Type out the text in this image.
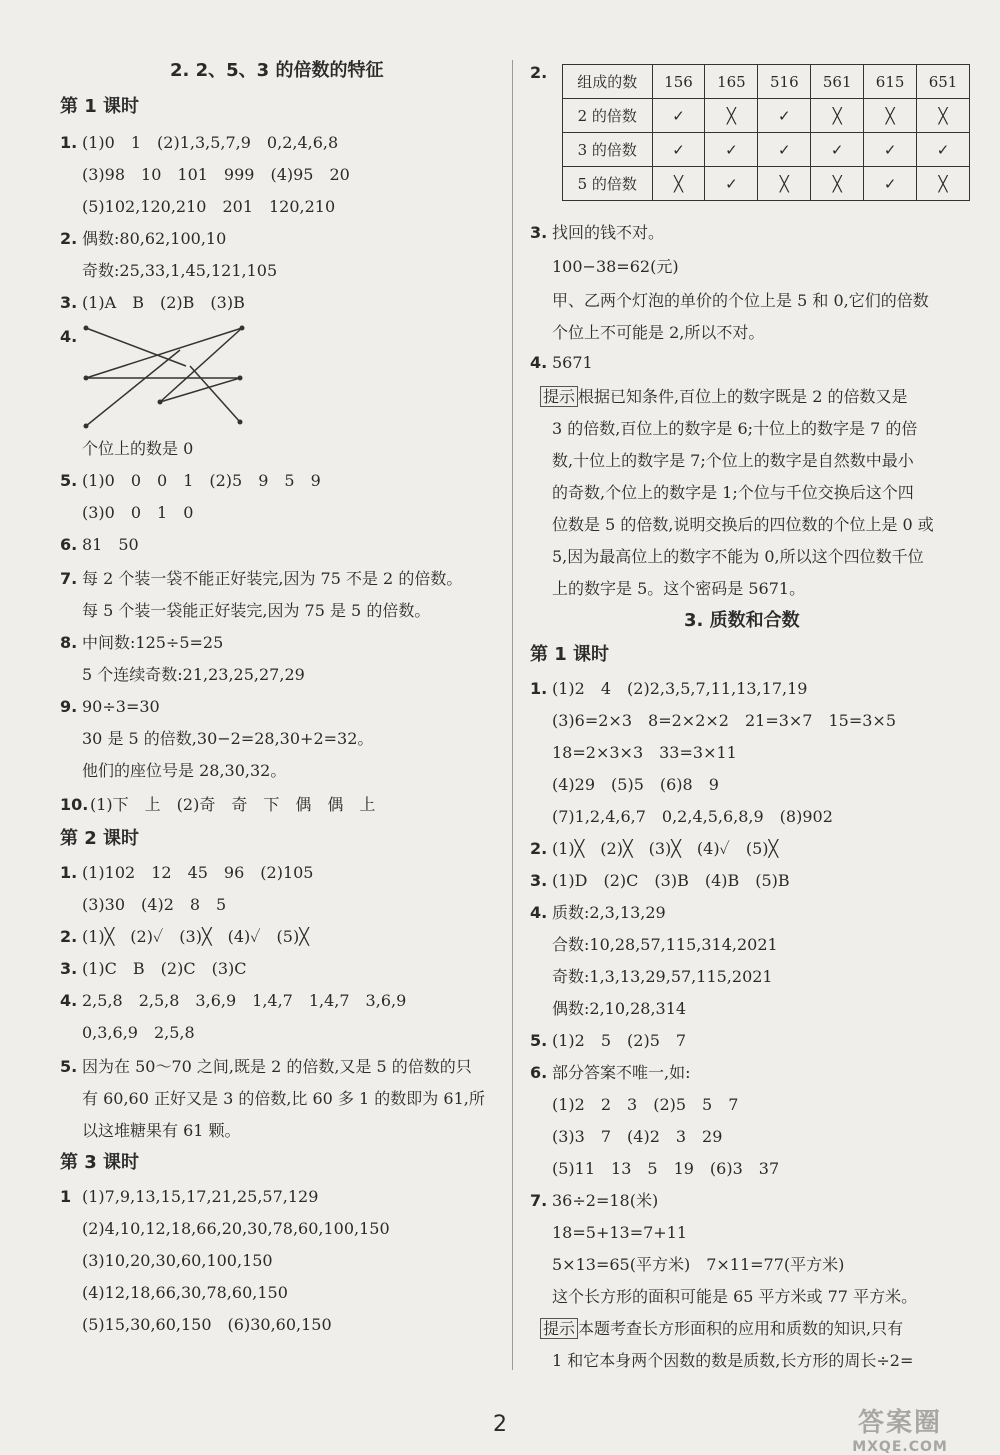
2. 2、5、3 的倍数的特征
第 1 课时
1. (1)0　1　(2)1,3,5,7,9　0,2,4,6,8
(3)98　10　101　999　(4)95　20
(5)102,120,210　201　120,210
2. 偶数:80,62,100,10
奇数:25,33,1,45,121,105
3. (1)A　B　(2)B　(3)B
4.
个位上的数是 0
5. (1)0　0　0　1　(2)5　9　5　9
(3)0　0　1　0
6. 81　50
7. 每 2 个装一袋不能正好装完,因为 75 不是 2 的倍数。
每 5 个装一袋能正好装完,因为 75 是 5 的倍数。
8. 中间数:125÷5=25
5 个连续奇数:21,23,25,27,29
9. 90÷3=30
30 是 5 的倍数,30−2=28,30+2=32。
他们的座位号是 28,30,32。
10. (1)下　上　(2)奇　奇　下　偶　偶　上
第 2 课时
1. (1)102　12　45　96　(2)105
(3)30　(4)2　8　5
2. (1)╳　(2)✓　(3)╳　(4)✓　(5)╳
3. (1)C　B　(2)C　(3)C
4. 2,5,8　2,5,8　3,6,9　1,4,7　1,4,7　3,6,9
0,3,6,9　2,5,8
5. 因为在 50～70 之间,既是 2 的倍数,又是 5 的倍数的只
有 60,60 正好又是 3 的倍数,比 60 多 1 的数即为 61,所
以这堆糖果有 61 颗。
第 3 课时
1 (1)7,9,13,15,17,21,25,57,129
(2)4,10,12,18,66,20,30,78,60,100,150
(3)10,20,30,60,100,150
(4)12,18,66,30,78,60,150
(5)15,30,60,150　(6)30,60,150
2.	组成的数	156	165	516	561	615	651
2 的倍数	✓	╳	✓	╳	╳	╳
3 的倍数	✓	✓	✓	✓	✓	✓
5 的倍数	╳	✓	╳	╳	✓	╳
3. 找回的钱不对。
100−38=62(元)
甲、乙两个灯泡的单价的个位上是 5 和 0,它们的倍数
个位上不可能是 2,所以不对。
4. 5671
提示 根据已知条件,百位上的数字既是 2 的倍数又是
3 的倍数,百位上的数字是 6;十位上的数字是 7 的倍
数,十位上的数字是 7;个位上的数字是自然数中最小
的奇数,个位上的数字是 1;个位与千位交换后这个四
位数是 5 的倍数,说明交换后的四位数的个位上是 0 或
5,因为最高位上的数字不能为 0,所以这个四位数千位
上的数字是 5。这个密码是 5671。
3. 质数和合数
第 1 课时
1. (1)2　4　(2)2,3,5,7,11,13,17,19
(3)6=2×3　8=2×2×2　21=3×7　15=3×5
18=2×3×3　33=3×11
(4)29　(5)5　(6)8　9
(7)1,2,4,6,7　0,2,4,5,6,8,9　(8)902
2. (1)╳　(2)╳　(3)╳　(4)✓　(5)╳
3. (1)D　(2)C　(3)B　(4)B　(5)B
4. 质数:2,3,13,29
合数:10,28,57,115,314,2021
奇数:1,3,13,29,57,115,2021
偶数:2,10,28,314
5. (1)2　5　(2)5　7
6. 部分答案不唯一,如:
(1)2　2　3　(2)5　5　7
(3)3　7　(4)2　3　29
(5)11　13　5　19　(6)3　37
7. 36÷2=18(米)
18=5+13=7+11
5×13=65(平方米)　7×11=77(平方米)
这个长方形的面积可能是 65 平方米或 77 平方米。
提示 本题考查长方形面积的应用和质数的知识,只有
1 和它本身两个因数的数是质数,长方形的周长÷2=
2	答案圈
MXQE.COM
